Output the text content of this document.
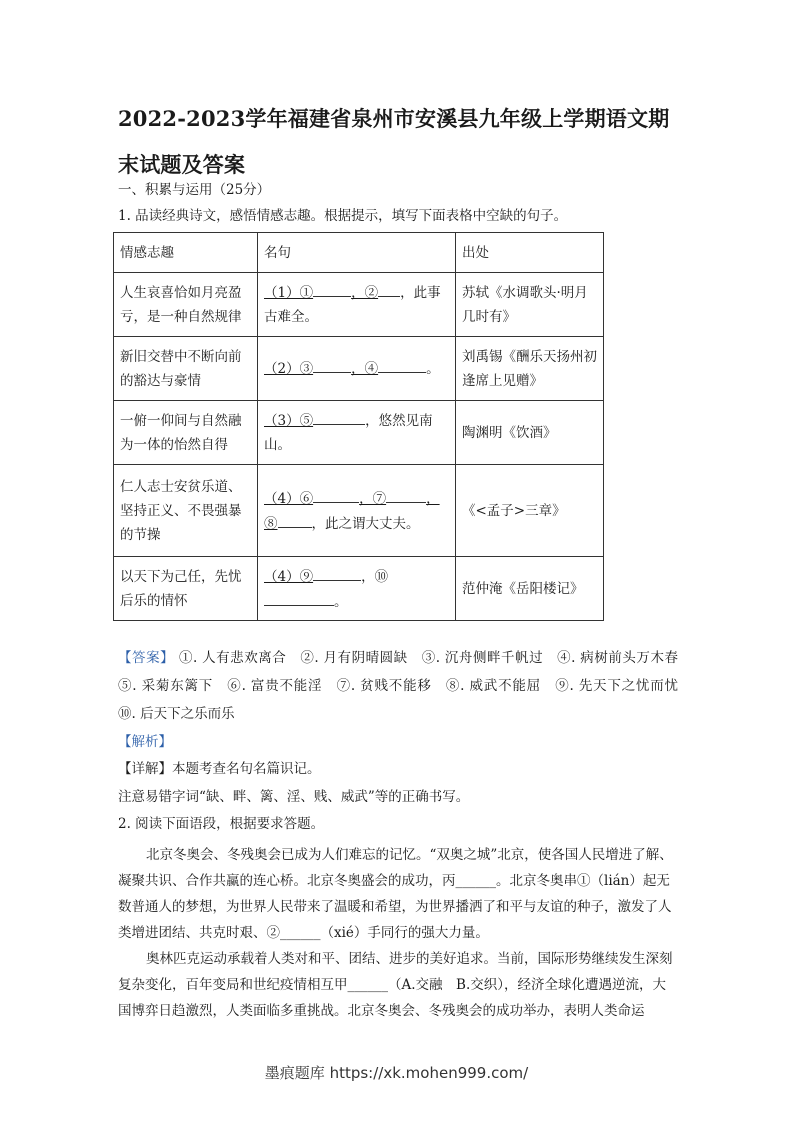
2022-2023学年福建省泉州市安溪县九年级上学期语文期末试题及答案
一、积累与运用（25分）
1. 品读经典诗文，感悟情感志趣。根据提示，填写下面表格中空缺的句子。
情感志趣	名句	出处
人生哀喜恰如月亮盈亏，是一种自然规律	（1）① ，② ，此事古难全。	苏轼《水调歌头·明月几时有》
新旧交替中不断向前的豁达与豪情	（2）③ ，④ 。	刘禹锡《酬乐天扬州初逢席上见赠》
一俯一仰间与自然融为一体的怡然自得	（3）⑤ ，悠然见南山。	陶渊明《饮酒》
仁人志士安贫乐道、坚持正义、不畏强暴的节操	（4）⑥ ，⑦ ，⑧ ，此之谓大丈夫。	《<孟子>三章》
以天下为己任，先忧后乐的情怀	（4）⑨ ，⑩。	范仲淹《岳阳楼记》
【答案】 ①. 人有悲欢离合　②. 月有阴晴圆缺　③. 沉舟侧畔千帆过　④. 病树前头万木春　⑤. 采菊东篱下　⑥. 富贵不能淫　⑦. 贫贱不能移　⑧. 威武不能屈　⑨. 先天下之忧而忧　⑩. 后天下之乐而乐
【解析】
【详解】本题考查名句名篇识记。
注意易错字词“缺、畔、篱、淫、贱、威武”等的正确书写。
2. 阅读下面语段，根据要求答题。
北京冬奥会、冬残奥会已成为人们难忘的记忆。“双奥之城”北京，使各国人民增进了解、凝聚共识、合作共赢的连心桥。北京冬奥盛会的成功，丙______。北京冬奥串①（lián）起无数普通人的梦想，为世界人民带来了温暖和希望，为世界播洒了和平与友谊的种子，激发了人类增进团结、共克时艰、②______（xié）手同行的强大力量。
奥林匹克运动承载着人类对和平、团结、进步的美好追求。当前，国际形势继续发生深刻复杂变化，百年变局和世纪疫情相互甲______（A.交融　B.交织），经济全球化遭遇逆流，大国博弈日趋激烈，人类面临多重挑战。北京冬奥会、冬残奥会的成功举办，表明人类命运
墨痕题库 https://xk.mohen999.com/
